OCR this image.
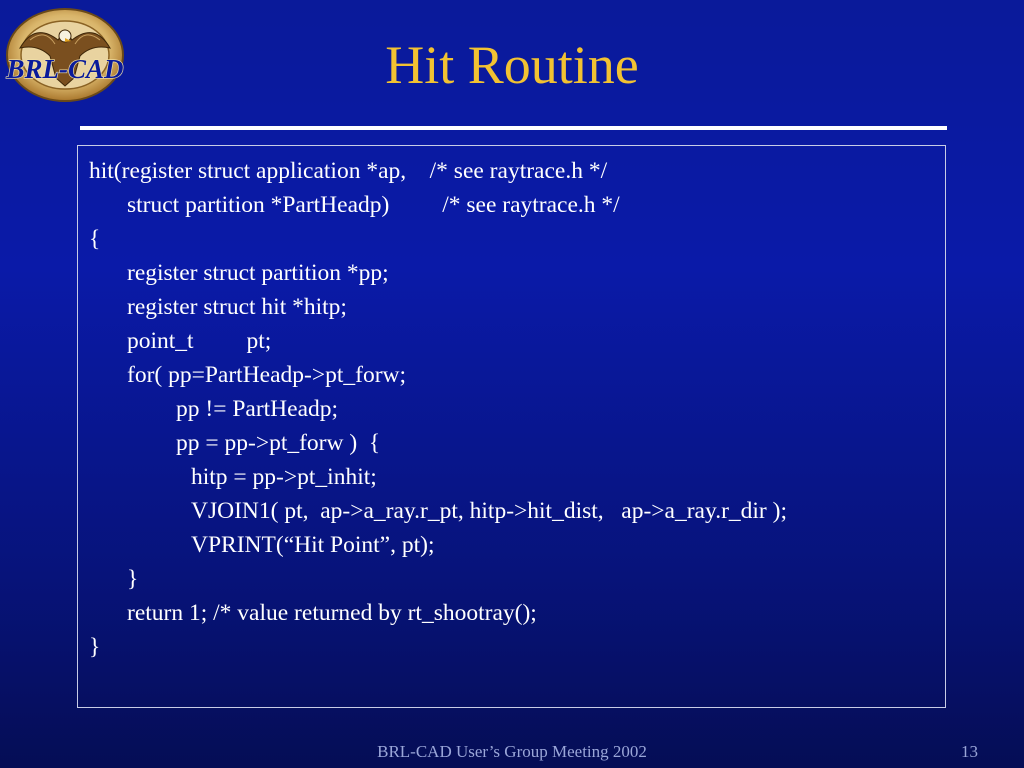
BRL-CAD	Hit Routine
hit(register struct application *ap,    /* see raytrace.h */
struct partition *PartHeadp)         /* see raytrace.h */
{
register struct partition *pp;
register struct hit *hitp;
point_t         pt;
for( pp=PartHeadp->pt_forw;
pp != PartHeadp;
pp = pp->pt_forw )  {
hitp = pp->pt_inhit;
VJOIN1( pt,  ap->a_ray.r_pt, hitp->hit_dist,   ap->a_ray.r_dir );
VPRINT(“Hit Point”, pt);
}
return 1; /* value returned by rt_shootray();
}
BRL-CAD User’s Group Meeting 2002	13
